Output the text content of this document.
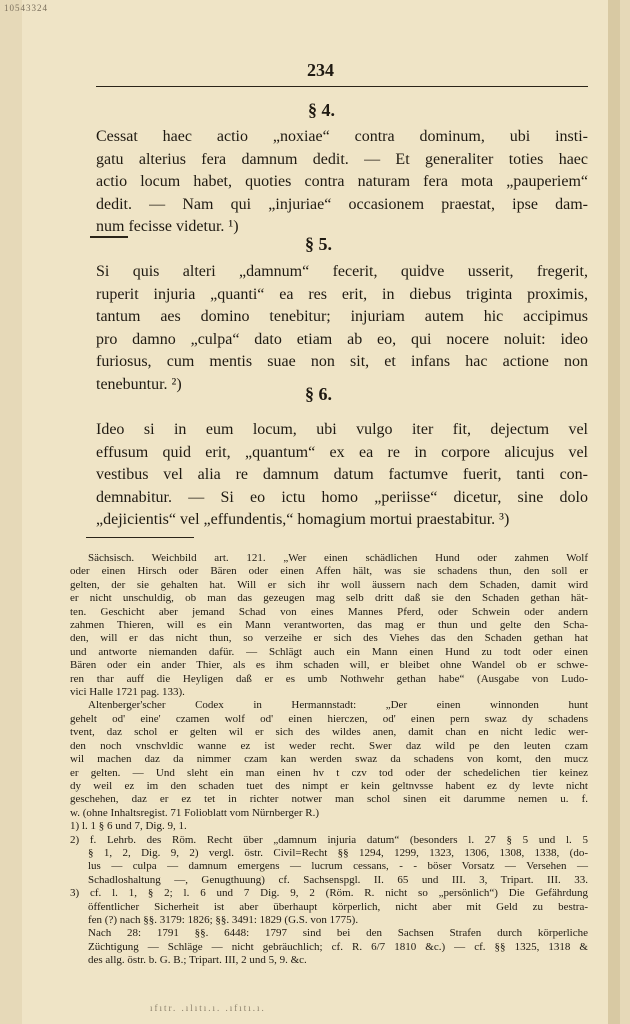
10543324
234
§ 4.
Cessat haec actio „noxiae“ contra dominum, ubi insti-
gatu alterius fera damnum dedit. — Et generaliter toties haec
actio locum habet, quoties contra naturam fera mota „pauperiem“
dedit. — Nam qui „injuriae“ occasionem praestat, ipse dam-
num fecisse videtur. ¹)
§ 5.
Si quis alteri „damnum“ fecerit, quidve usserit, fregerit,
ruperit injuria „quanti“ ea res erit, in diebus triginta proximis,
tantum aes domino tenebitur; injuriam autem hic accipimus
pro damno „culpa“ dato etiam ab eo, qui nocere noluit: ideo
furiosus, cum mentis suae non sit, et infans hac actione non
tenebuntur. ²)	§ 6.
Ideo si in eum locum, ubi vulgo iter fit, dejectum vel
effusum quid erit, „quantum“ ex ea re in corpore alicujus vel
vestibus vel alia re damnum datum factumve fuerit, tanti con-
demnabitur. — Si eo ictu homo „periisse“ dicetur, sine dolo
„dejicientis“ vel „effundentis,“ homagium mortui praestabitur. ³)
Sächsisch. Weichbild art. 121. „Wer einen schädlichen Hund oder zahmen Wolf
oder einen Hirsch oder Bären oder einen Affen hält, was sie schadens thun, den soll er
gelten, der sie gehalten hat. Will er sich ihr woll äussern nach dem Schaden, damit wird
er nicht unschuldig, ob man das gezeugen mag selb dritt daß sie den Schaden gethan hät-
ten. Geschicht aber jemand Schad von eines Mannes Pferd, oder Schwein oder andern
zahmen Thieren, will es ein Mann verantworten, das mag er thun und gelte den Scha-
den, will er das nicht thun, so verzeihe er sich des Viehes das den Schaden gethan hat
und antworte niemanden dafür. — Schlägt auch ein Mann einen Hund zu todt oder einen
Bären oder ein ander Thier, als es ihm schaden will, er bleibet ohne Wandel ob er schwe-
ren thar auff die Heyligen daß er es umb Nothwehr gethan habe“ (Ausgabe von Ludo-
vici Halle 1721 pag. 133).
Altenberger'scher Codex in Hermannstadt: „Der einen winnonden hunt
gehelt od' eine' czamen wolf od' einen hierczen, od' einen pern swaz dy schadens
tvent, daz schol er gelten wil er sich des wildes anen, damit chan en nicht ledic wer-
den noch vnschvldic wanne ez ist weder recht. Swer daz wild pe den leuten czam
wil machen daz da nimmer czam kan werden swaz da schadens von komt, den mucz
er gelten. — Und sleht ein man einen hv t czv tod oder der schedelichen tier keinez
dy weil ez im den schaden tuet des nimpt er kein geltnvsse habent ez dy levte nicht
geschehen, daz er ez tet in richter notwer man schol sinen eit darumme nemen u. f.
w. (ohne Inhaltsregist. 71 Folioblatt vom Nürnberger R.)
1) l. 1 § 6 und 7, Dig. 9, 1.
2) f. Lehrb. des Röm. Recht über „damnum injuria datum“ (besonders l. 27 § 5 und l. 5
§ 1, 2, Dig. 9, 2) vergl. östr. Civil=Recht §§ 1294, 1299, 1323, 1306, 1308, 1338, (do-
lus — culpa — damnum emergens — lucrum cessans, - - böser Vorsatz — Versehen —
Schadloshaltung —, Genugthuung) cf. Sachsenspgl. II. 65 und III. 3, Tripart. III. 33.
3) cf. l. 1, § 2; l. 6 und 7 Dig. 9, 2 (Röm. R. nicht so „persönlich“) Die Gefährdung
öffentlicher Sicherheit ist aber überhaupt körperlich, nicht aber mit Geld zu bestra-
fen (?) nach §§. 3179: 1826; §§. 3491: 1829 (G.S. von 1775).
Nach 28: 1791 §§. 6448: 1797 sind bei den Sachsen Strafen durch körperliche
Züchtigung — Schläge — nicht gebräuchlich; cf. R. 6/7 1810 &c.) — cf. §§ 1325, 1318 &
des allg. östr. b. G. B.; Tripart. III, 2 und 5, 9. &c.
ıfıtr. .ılıtı.ı. .ıfıtı.ı.
